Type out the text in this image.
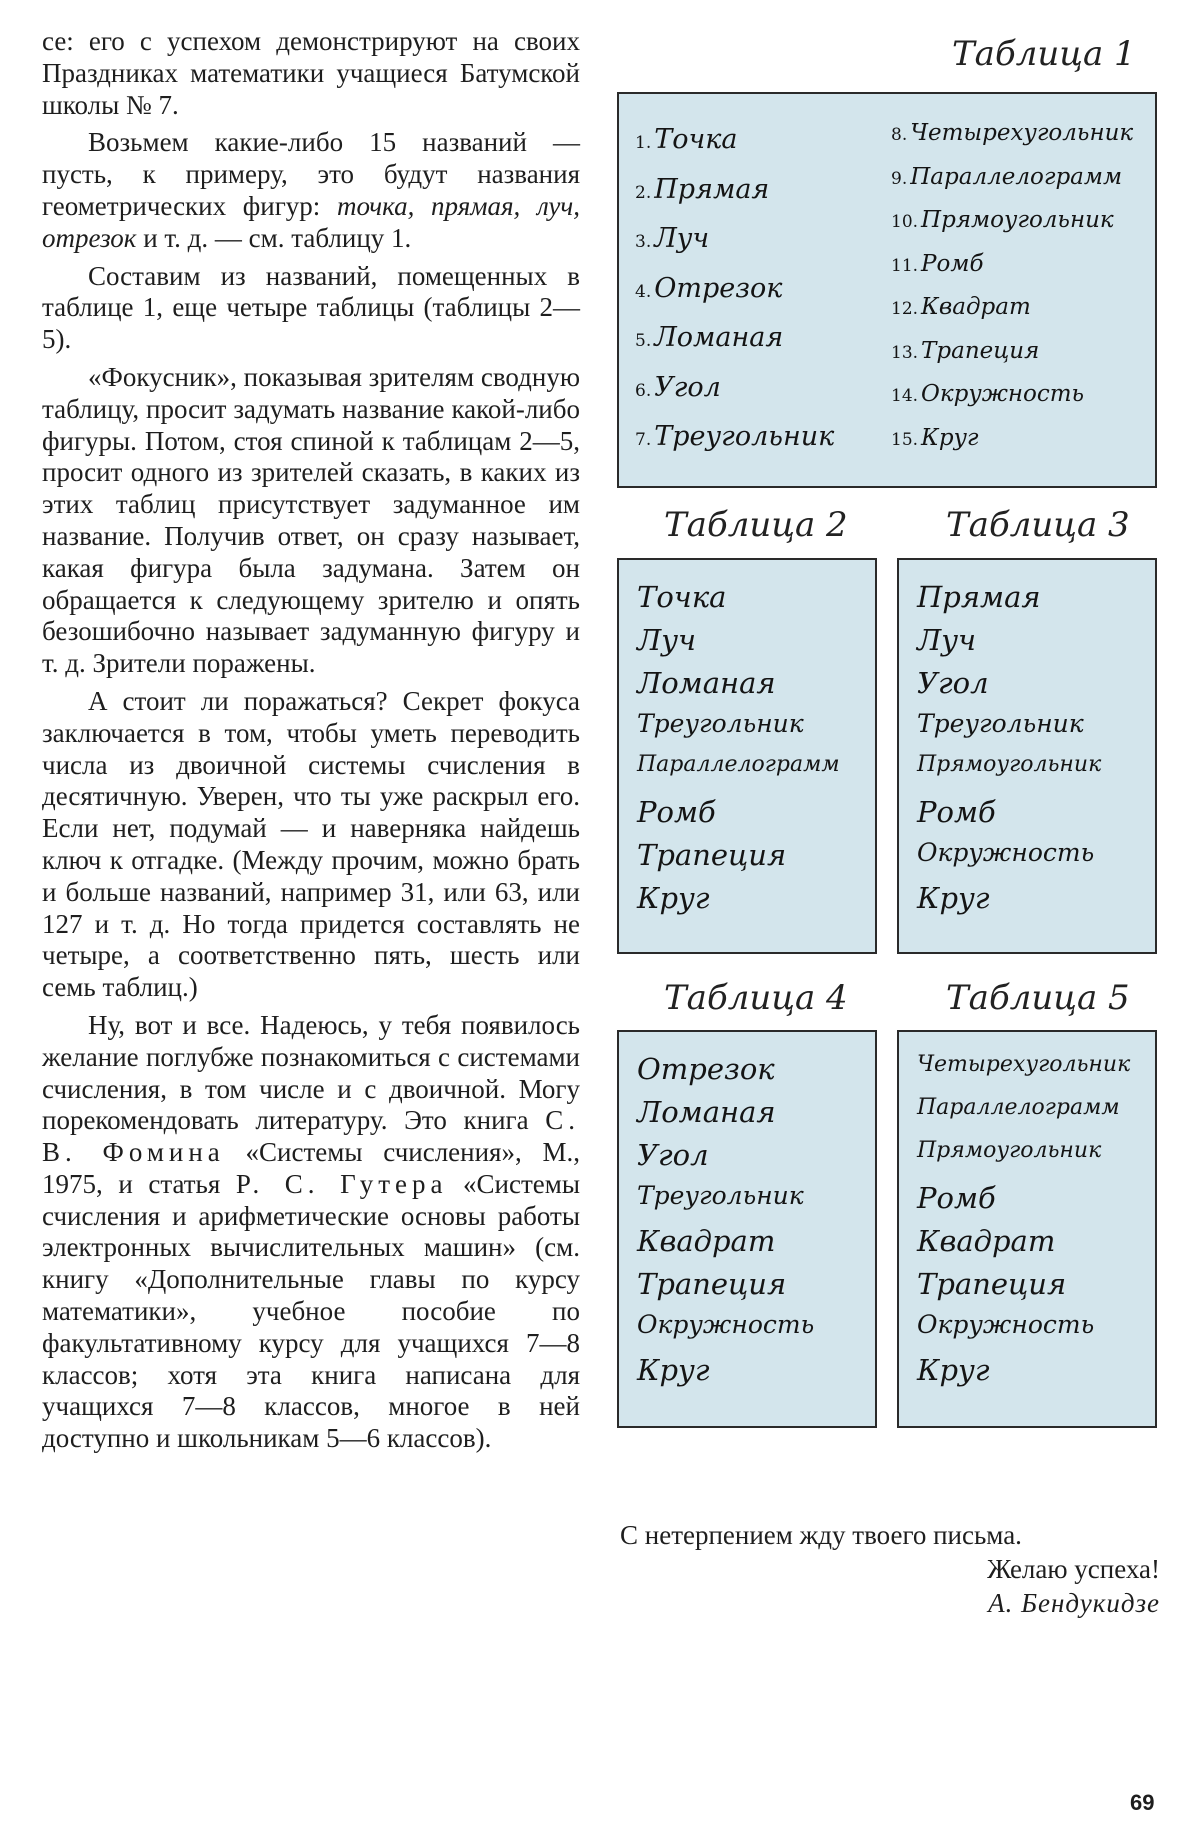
се: его с успехом демонстрируют на своих Праздниках математики учащиеся Батумской школы № 7.

Возьмем какие-либо 15 названий — пусть, к примеру, это будут названия геометрических фигур: точка, прямая, луч, отрезок и т. д. — см. таблицу 1.

Составим из названий, помещенных в таблице 1, еще четыре таблицы (таблицы 2—5).

«Фокусник», показывая зрителям сводную таблицу, просит задумать название какой-либо фигуры. Потом, стоя спиной к таблицам 2—5, просит одного из зрителей сказать, в каких из этих таблиц присутствует задуманное им название. Получив ответ, он сразу называет, какая фигура была задумана. Затем он обращается к следующему зрителю и опять безошибочно называет задуманную фигуру и т. д. Зрители поражены.

А стоит ли поражаться? Секрет фокуса заключается в том, чтобы уметь переводить числа из двоичной системы счисления в десятичную. Уверен, что ты уже раскрыл его. Если нет, подумай — и наверняка найдешь ключ к отгадке. (Между прочим, можно брать и больше названий, например 31, или 63, или 127 и т. д. Но тогда придется составлять не четыре, а соответственно пять, шесть или семь таблиц.)

Ну, вот и все. Надеюсь, у тебя появилось желание поглубже познакомиться с системами счисления, в том числе и с двоичной. Могу порекомендовать литературу. Это книга С. В. Фомина «Системы счисления», М., 1975, и статья Р. С. Гутера «Системы счисления и арифметические основы работы электронных вычислительных машин» (см. книгу «Дополнительные главы по курсу математики», учебное пособие по факультативному курсу для учащихся 7—8 классов; хотя эта книга написана для учащихся 7—8 классов, многое в ней доступно и школьникам 5—6 классов).

Таблица 1
1. Точка
2. Прямая
3. Луч
4. Отрезок
5. Ломаная
6. Угол
7. Треугольник
8. Четырехугольник
9. Параллелограмм
10. Прямоугольник
11. Ромб
12. Квадрат
13. Трапеция
14. Окружность
15. Круг
Таблица 2	Таблица 3
Точка
Луч
Ломаная
Треугольник
Параллелограмм
Ромб
Трапеция
Круг
Прямая
Луч
Угол
Треугольник
Прямоугольник
Ромб
Окружность
Круг
Таблица 4	Таблица 5
Отрезок
Ломаная
Угол
Треугольник
Квадрат
Трапеция
Окружность
Круг
Четырехугольник
Параллелограмм
Прямоугольник
Ромб
Квадрат
Трапеция
Окружность
Круг
С нетерпением жду твоего письма.
Желаю успеха!
А. Бендукидзе
69
